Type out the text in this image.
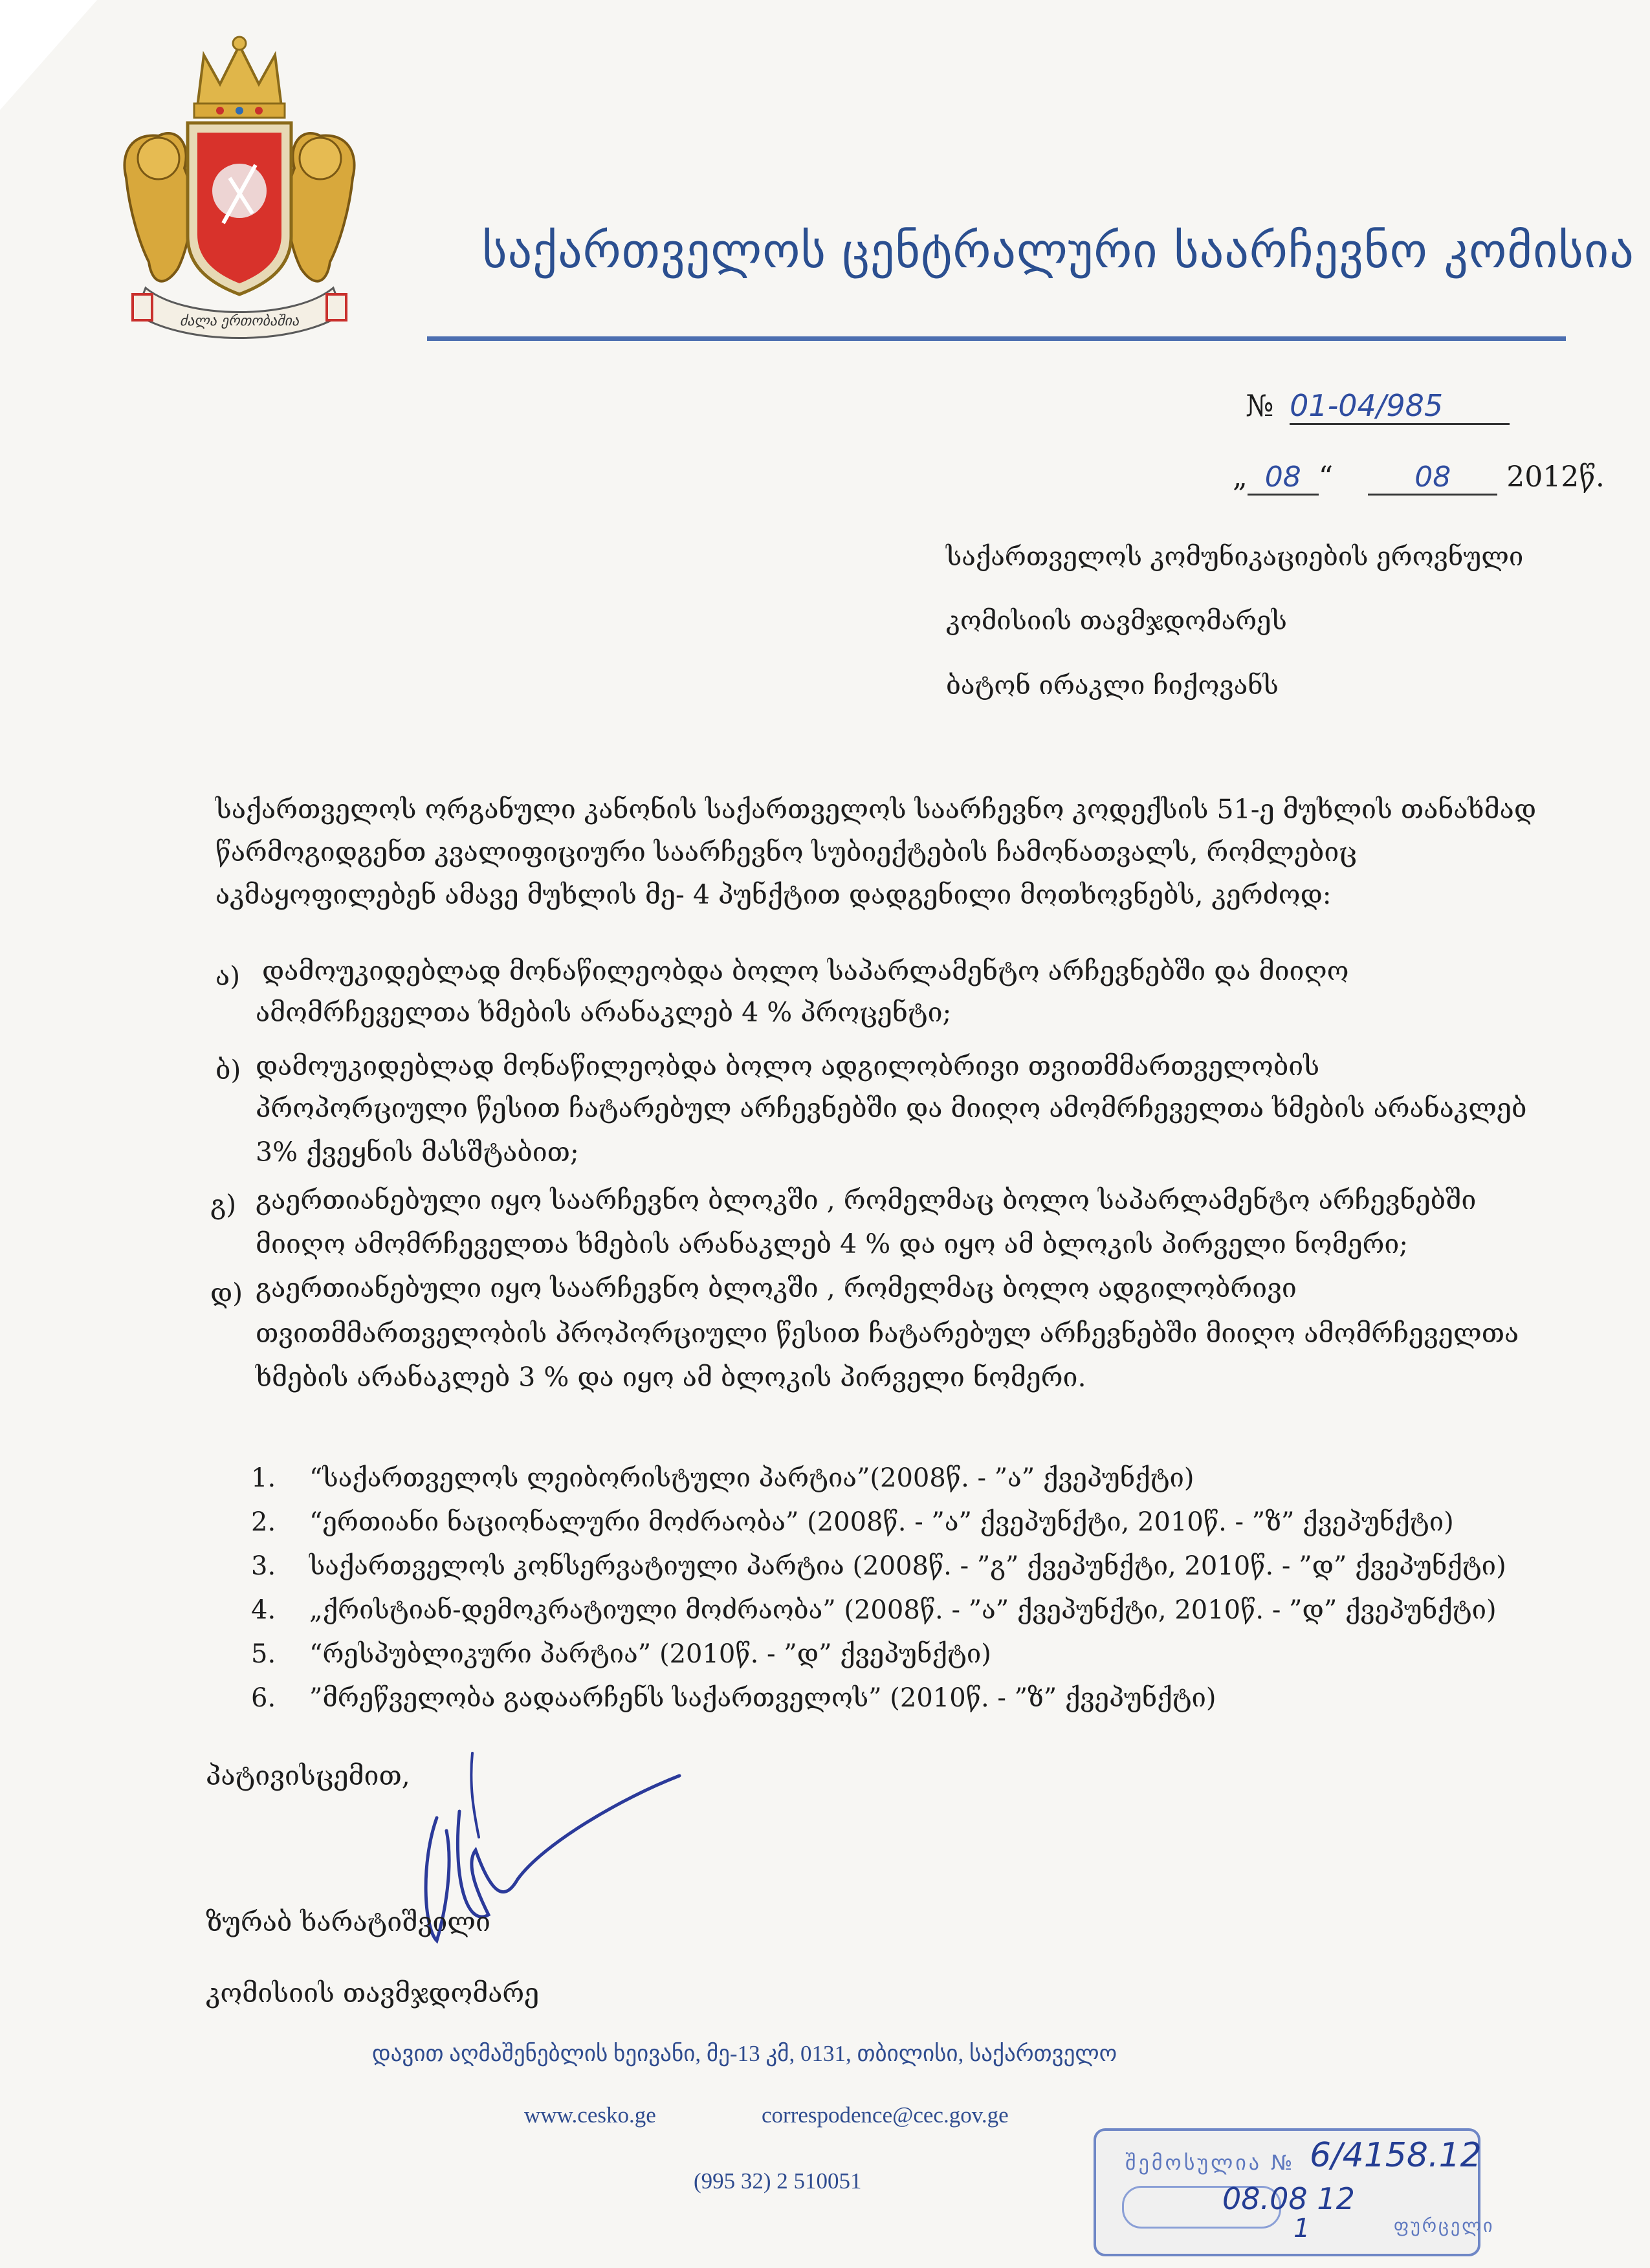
ძალა ერთობაშია
საქართველოს ცენტრალური საარჩევნო კომისია
№ 01-04/985
„ 08 “	08 2012წ.
საქართველოს კომუნიკაციების ეროვნული
კომისიის თავმჯდომარეს
ბატონ ირაკლი ჩიქოვანს
საქართველოს ორგანული კანონის საქართველოს საარჩევნო კოდექსის 51-ე მუხლის თანახმად
წარმოგიდგენთ კვალიფიციური საარჩევნო სუბიექტების ჩამონათვალს, რომლებიც
აკმაყოფილებენ ამავე მუხლის მე- 4 პუნქტით დადგენილი მოთხოვნებს, კერძოდ:
ა) დამოუკიდებლად მონაწილეობდა ბოლო საპარლამენტო არჩევნებში და მიიღო
ამომრჩეველთა ხმების არანაკლებ 4 % პროცენტი;
ბ) დამოუკიდებლად მონაწილეობდა ბოლო ადგილობრივი თვითმმართველობის
პროპორციული წესით ჩატარებულ არჩევნებში და მიიღო ამომრჩეველთა ხმების არანაკლებ
3% ქვეყნის მასშტაბით;
გ) გაერთიანებული იყო საარჩევნო ბლოკში , რომელმაც ბოლო საპარლამენტო არჩევნებში
მიიღო ამომრჩეველთა ხმების არანაკლებ 4 % და იყო ამ ბლოკის პირველი ნომერი;
დ) გაერთიანებული იყო საარჩევნო ბლოკში , რომელმაც ბოლო ადგილობრივი
თვითმმართველობის პროპორციული წესით ჩატარებულ არჩევნებში მიიღო ამომრჩეველთა
ხმების არანაკლებ 3 % და იყო ამ ბლოკის პირველი ნომერი.
1. “საქართველოს ლეიბორისტული პარტია”(2008წ. - ”ა” ქვეპუნქტი)
2. “ერთიანი ნაციონალური მოძრაობა” (2008წ. - ”ა” ქვეპუნქტი, 2010წ. - ”ზ” ქვეპუნქტი)
3. საქართველოს კონსერვატიული პარტია (2008წ. - ”გ” ქვეპუნქტი, 2010წ. - ”დ” ქვეპუნქტი)
4. „ქრისტიან-დემოკრატიული მოძრაობა” (2008წ. - ”ა” ქვეპუნქტი, 2010წ. - ”დ” ქვეპუნქტი)
5. “რესპუბლიკური პარტია” (2010წ. - ”დ” ქვეპუნქტი)
6. ”მრეწველობა გადაარჩენს საქართველოს” (2010წ. - ”ზ” ქვეპუნქტი)
პატივისცემით,
ზურაბ ხარატიშვილი
კომისიის თავმჯდომარე
დავით აღმაშენებლის ხეივანი, მე-13 კმ, 0131, თბილისი, საქართველო
www.cesko.ge	correspodence@cec.gov.ge
(995 32) 2 510051
შემოსულია № 6/4158.12
08.08 12
1	ფურცელი
